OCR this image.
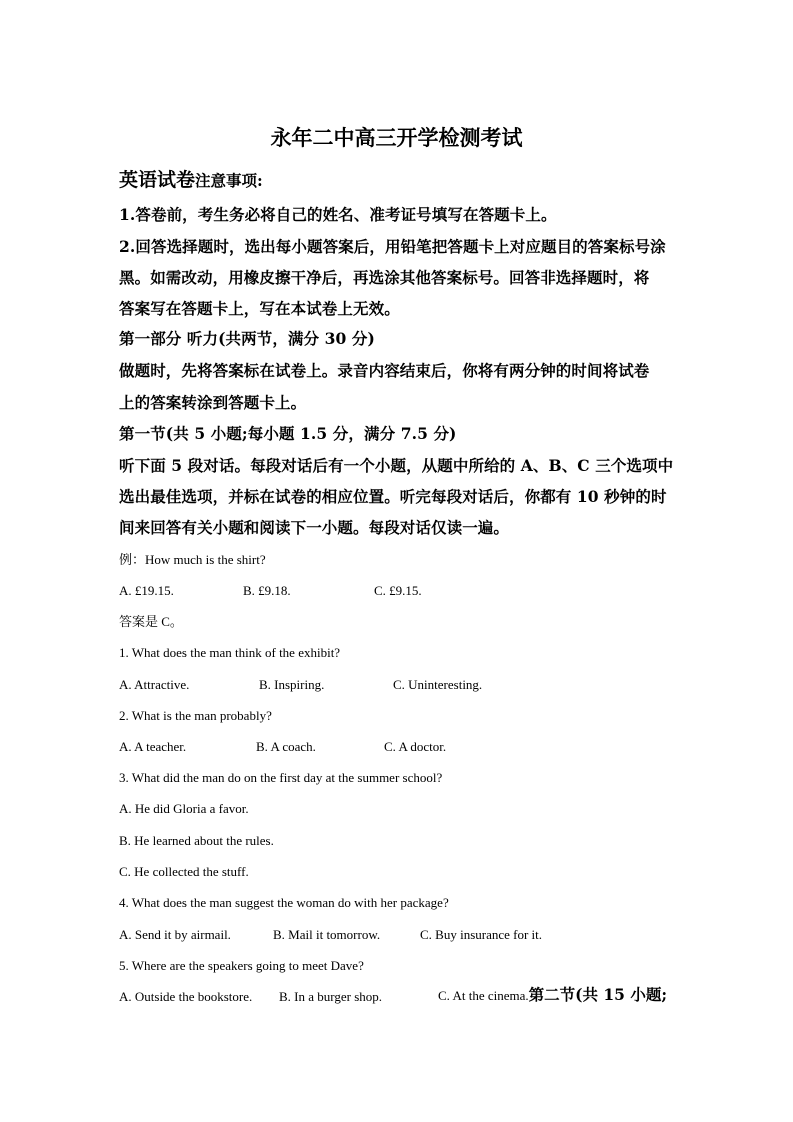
永年二中高三开学检测考试
英语试卷注意事项:
1.答卷前，考生务必将自己的姓名、准考证号填写在答题卡上。
2.回答选择题时，选出每小题答案后，用铅笔把答题卡上对应题目的答案标号涂
黑。如需改动，用橡皮擦干净后，再选涂其他答案标号。回答非选择题时，将
答案写在答题卡上，写在本试卷上无效。
第一部分 听力(共两节，满分 30 分)
做题时，先将答案标在试卷上。录音内容结束后，你将有两分钟的时间将试卷
上的答案转涂到答题卡上。
第一节(共 5 小题;每小题 1.5 分，满分 7.5 分)
听下面 5 段对话。每段对话后有一个小题，从题中所给的 A、B、C 三个选项中
选出最佳选项，并标在试卷的相应位置。听完每段对话后，你都有 10 秒钟的时
间来回答有关小题和阅读下一小题。每段对话仅读一遍。
例：How much is the shirt?
A. £19.15.	B. £9.18.	C. £9.15.
答案是 C。
1. What does the man think of the exhibit?
A. Attractive.	B. Inspiring.	C. Uninteresting.
2. What is the man probably?
A. A teacher.	B. A coach.	C. A doctor.
3. What did the man do on the first day at the summer school?
A. He did Gloria a favor.
B. He learned about the rules.
C. He collected the stuff.
4. What does the man suggest the woman do with her package?
A. Send it by airmail.	B. Mail it tomorrow.	C. Buy insurance for it.
5. Where are the speakers going to meet Dave?
A. Outside the bookstore. B. In a burger shop.	C. At the cinema.第二节(共 15 小题;
